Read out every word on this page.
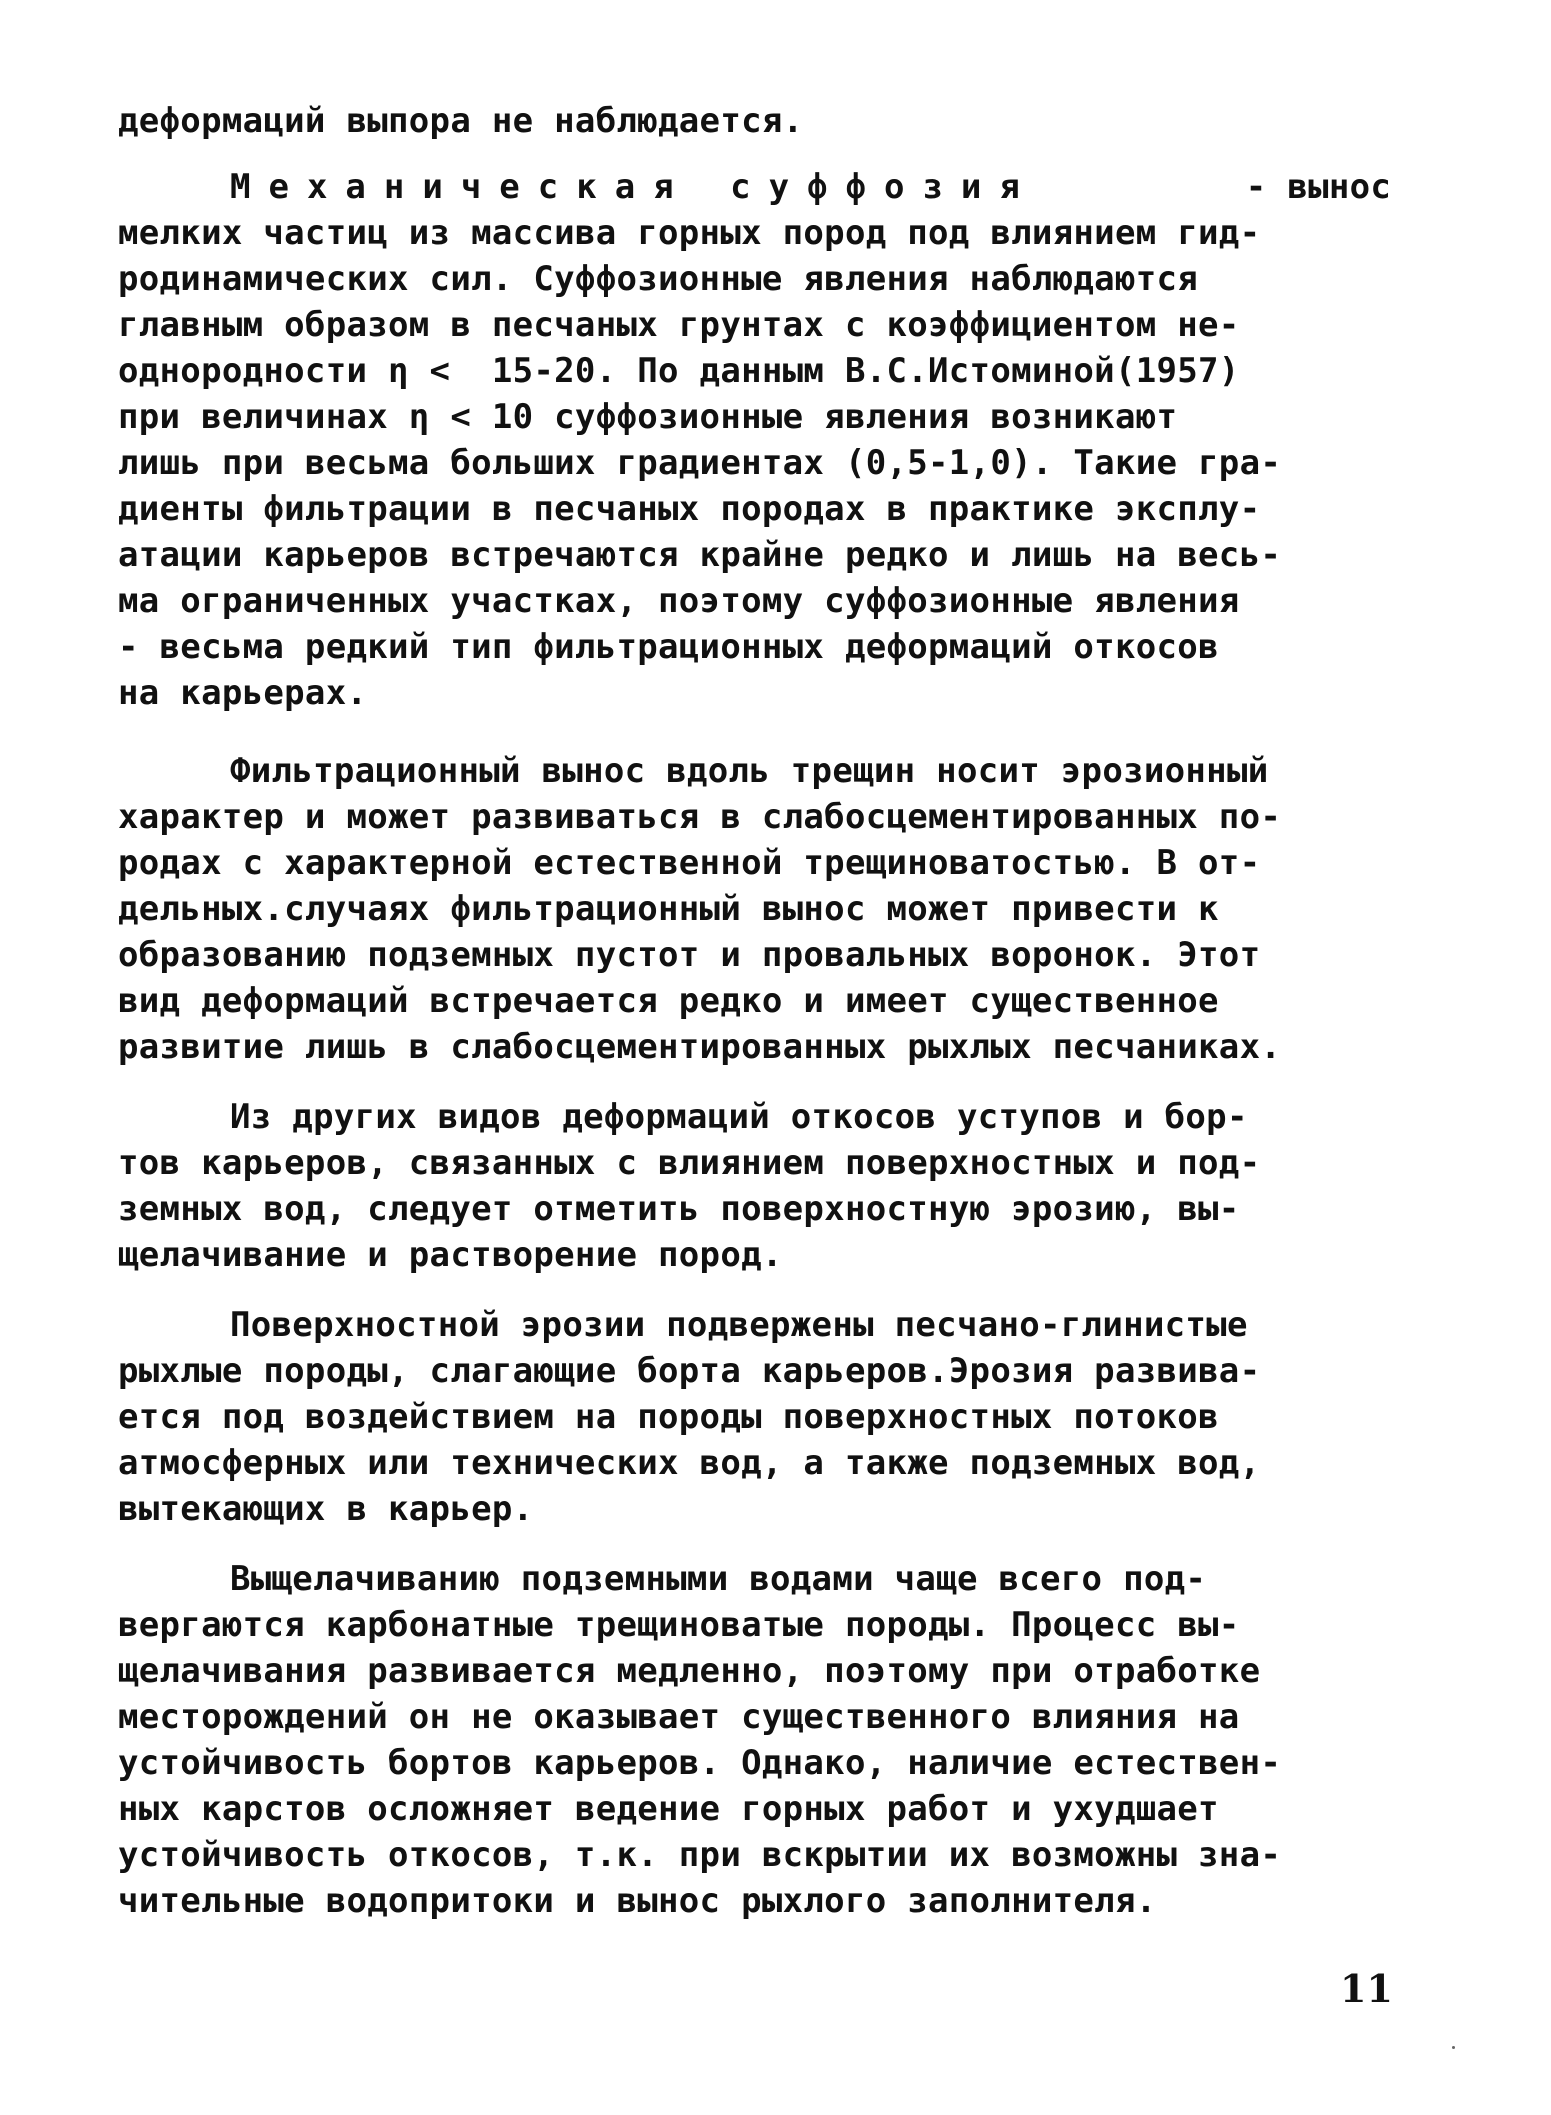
деформаций выпора не наблюдается.
Механическая суффозия	- вынос
мелких частиц из массива горных пород под влиянием гид-
родинамических сил. Суффозионные явления наблюдаются
главным образом в песчаных грунтах с коэффициентом не-
однородности η <  15-20. По данным В.С.Истоминой(1957)
при величинах η < 10 суффозионные явления возникают
лишь при весьма больших градиентах (0,5-1,0). Такие гра-
диенты фильтрации в песчаных породах в практике эксплу-
атации карьеров встречаются крайне редко и лишь на весь-
ма ограниченных участках, поэтому суффозионные явления
- весьма редкий тип фильтрационных деформаций откосов
на карьерах.
Фильтрационный вынос вдоль трещин носит эрозионный
характер и может развиваться в слабосцементированных по-
родах с характерной естественной трещиноватостью. В от-
дельных.случаях фильтрационный вынос может привести к
образованию подземных пустот и провальных воронок. Этот
вид деформаций встречается редко и имеет существенное
развитие лишь в слабосцементированных рыхлых песчаниках.
Из других видов деформаций откосов уступов и бор-
тов карьеров, связанных с влиянием поверхностных и под-
земных вод, следует отметить поверхностную эрозию, вы-
щелачивание и растворение пород.
Поверхностной эрозии подвержены песчано-глинистые
рыхлые породы, слагающие борта карьеров.Эрозия развива-
ется под воздействием на породы поверхностных потоков
атмосферных или технических вод, а также подземных вод,
вытекающих в карьер.
Выщелачиванию подземными водами чаще всего под-
вергаются карбонатные трещиноватые породы. Процесс вы-
щелачивания развивается медленно, поэтому при отработке
месторождений он не оказывает существенного влияния на
устойчивость бортов карьеров. Однако, наличие естествен-
ных карстов осложняет ведение горных работ и ухудшает
устойчивость откосов, т.к. при вскрытии их возможны зна-
чительные водопритоки и вынос рыхлого заполнителя.
11
